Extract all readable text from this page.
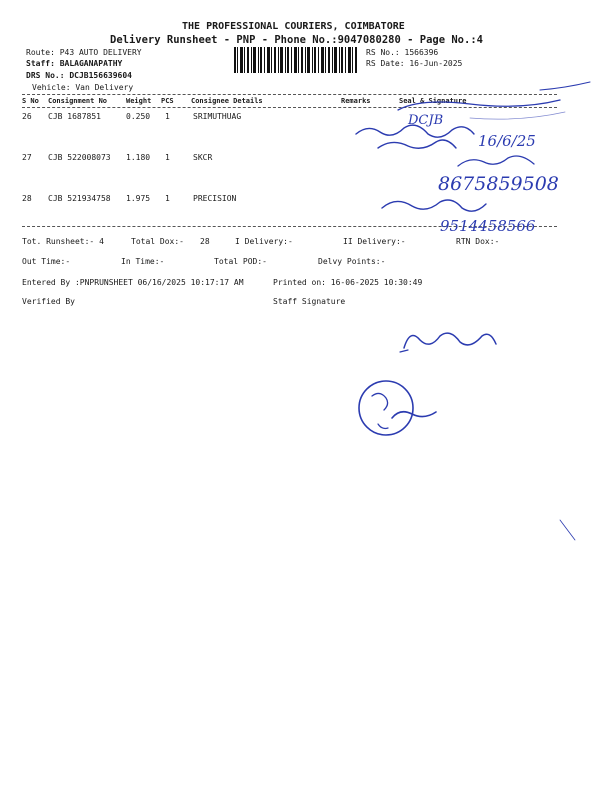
THE PROFESSIONAL COURIERS, COIMBATORE
Delivery Runsheet - PNP - Phone No.:9047080280 - Page No.:4
Route: P43 AUTO DELIVERY
Staff: BALAGANAPATHY
DRS No.: DCJB156639604
Vehicle: Van Delivery
RS No.: 1566396
RS Date: 16-Jun-2025
S No Consignment No	Weight PCS Consignee Details	Remarks	Seal & Signature
26 CJB 1687851	0.250 1	SRIMUTHUAG
27 CJB 522008073 1.180 1	SKCR
28 CJB 521934758 1.975 1	PRECISION
Tot. Runsheet:- 4	Total Dox:- 28	I Delivery:-	II Delivery:-	RTN Dox:-
Out Time:-	In Time:-	Total POD:-	Delvy Points:-
Entered By :PNPRUNSHEET 06/16/2025 10:17:17 AM	Printed on: 16-06-2025 10:30:49
Verified By	Staff Signature
DCJB
16/6/25
8675859508
9514458566
